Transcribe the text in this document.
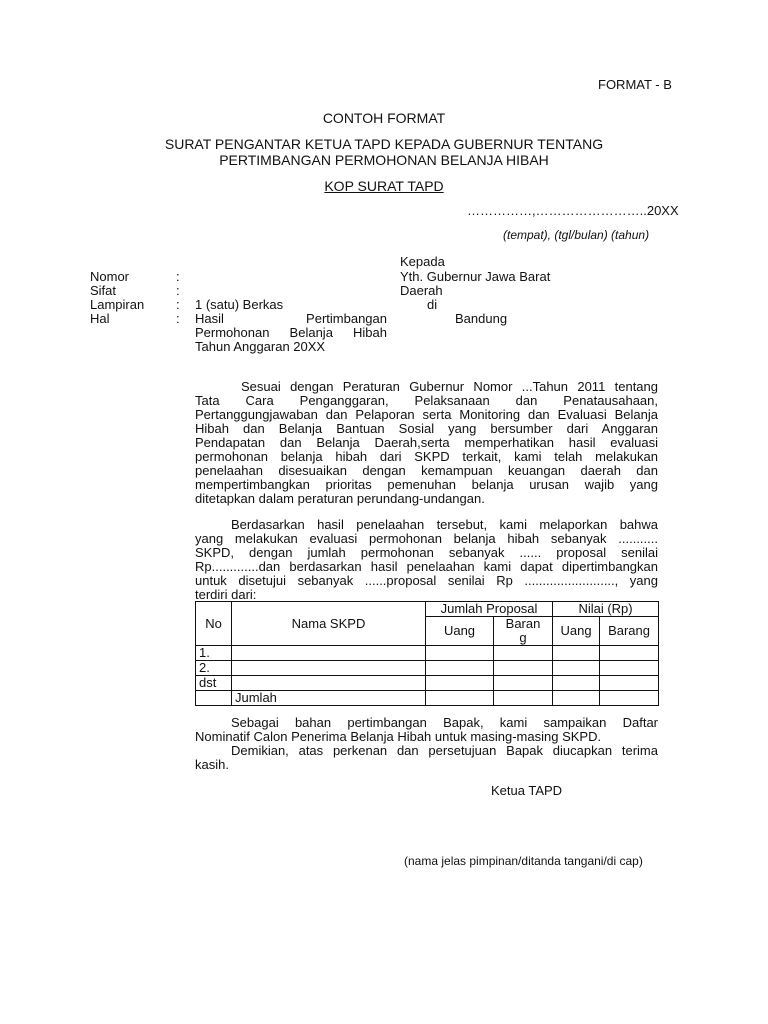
FORMAT - B
CONTOH FORMAT
SURAT PENGANTAR KETUA TAPD KEPADA GUBERNUR TENTANG
PERTIMBANGAN PERMOHONAN BELANJA HIBAH
KOP SURAT TAPD
……………,……………………..20XX
(tempat), (tgl/bulan) (tahun)
Kepada
Yth. Gubernur Jawa Barat
Daerah
di
Bandung
Nomor	:
Sifat	:
Lampiran : 1 (satu) Berkas
Hal	: Hasil Pertimbangan
Permohonan Belanja Hibah
Tahun Anggaran 20XX
Sesuai dengan Peraturan Gubernur Nomor ...Tahun 2011 tentang
Tata Cara Penganggaran, Pelaksanaan dan Penatausahaan,
Pertanggungjawaban dan Pelaporan serta Monitoring dan Evaluasi Belanja
Hibah dan Belanja Bantuan Sosial yang bersumber dari Anggaran
Pendapatan dan Belanja Daerah,serta memperhatikan hasil evaluasi
permohonan belanja hibah dari SKPD terkait, kami telah melakukan
penelaahan disesuaikan dengan kemampuan keuangan daerah dan
mempertimbangkan prioritas pemenuhan belanja urusan wajib yang
ditetapkan dalam peraturan perundang-undangan.
Berdasarkan hasil penelaahan tersebut, kami melaporkan bahwa
yang melakukan evaluasi permohonan belanja hibah sebanyak ...........
SKPD, dengan jumlah permohonan sebanyak ...... proposal senilai
Rp.............dan berdasarkan hasil penelaahan kami dapat dipertimbangkan
untuk disetujui sebanyak ......proposal senilai Rp ........................., yang
terdiri dari:
No	Nama SKPD	Jumlah Proposal		Nilai (Rp)	
		Uang	Baran
g	Uang	Barang
1.					
2.					
dst					
	Jumlah				
Sebagai bahan pertimbangan Bapak, kami sampaikan Daftar
Nominatif Calon Penerima Belanja Hibah untuk masing-masing SKPD.
Demikian, atas perkenan dan persetujuan Bapak diucapkan terima
kasih.
Ketua TAPD
(nama jelas pimpinan/ditanda tangani/di cap)
